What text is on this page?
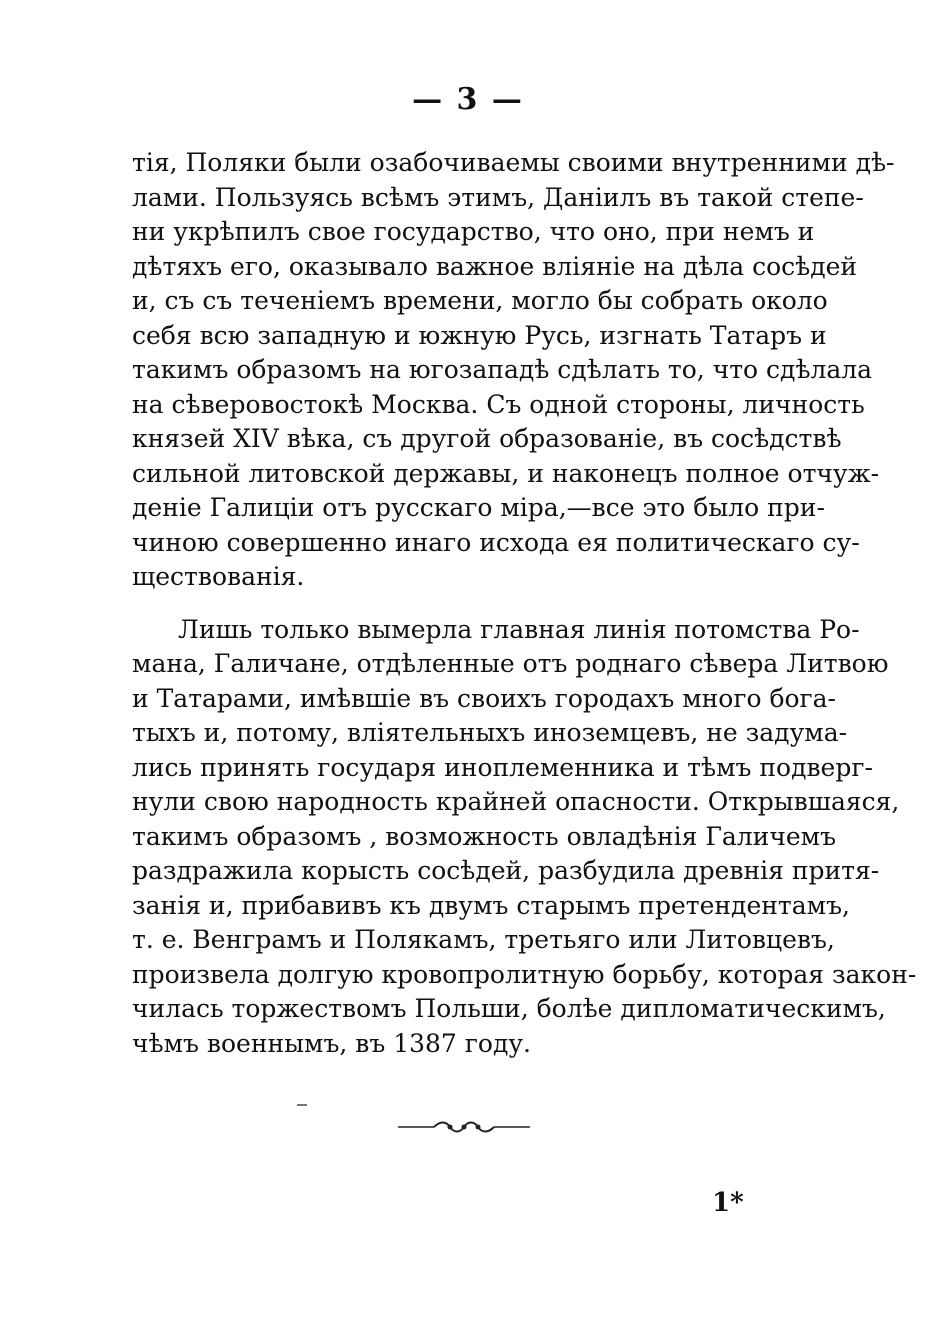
— 3 —
тія, Поляки были озабочиваемы своими внутренними дѣ-
лами. Пользуясь всѣмъ этимъ, Даніилъ въ такой степе-
ни укрѣпилъ свое государство, что оно, при немъ и
дѣтяхъ его, оказывало важное вліяніе на дѣла сосѣдей
и, съ съ теченіемъ времени, могло бы собрать около
себя всю западную и южную Русь, изгнать Татаръ и
такимъ образомъ на югозападѣ сдѣлать то, что сдѣлала
на сѣверовостокѣ Москва. Съ одной стороны, личность
князей XIV вѣка, съ другой образованіе, въ сосѣдствѣ
сильной литовской державы, и наконецъ полное отчуж-
деніе Галиціи отъ русскаго міра,—все это было при-
чиною совершенно инаго исхода ея политическаго су-
ществованія.
Лишь только вымерла главная линія потомства Ро-
мана, Галичане, отдѣленные отъ роднаго сѣвера Литвою
и Татарами, имѣвшіе въ своихъ городахъ много бога-
тыхъ и, потому, вліятельныхъ иноземцевъ, не задума-
лись принять государя иноплеменника и тѣмъ подверг-
нули свою народность крайней опасности. Открывшаяся,
такимъ образомъ , возможность овладѣнія Галичемъ
раздражила корысть сосѣдей, разбудила древнія притя-
занія и, прибавивъ къ двумъ старымъ претендентамъ,
т. е. Венграмъ и Полякамъ, третьяго или Литовцевъ,
произвела долгую кровопролитную борьбу, которая закон-
чилась торжествомъ Польши, болѣе дипломатическимъ,
чѣмъ военнымъ, въ 1387 году.
1*
